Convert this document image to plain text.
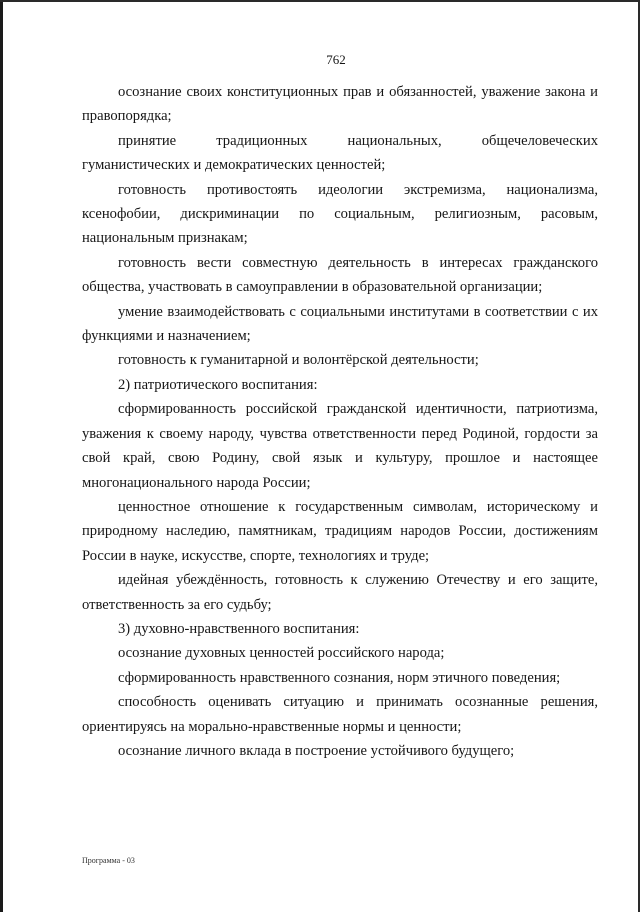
762

осознание своих конституционных прав и обязанностей, уважение закона и правопорядка;

принятие традиционных национальных, общечеловеческих гуманистических и демократических ценностей;

готовность противостоять идеологии экстремизма, национализма, ксенофобии, дискриминации по социальным, религиозным, расовым, национальным признакам;

готовность вести совместную деятельность в интересах гражданского общества, участвовать в самоуправлении в образовательной организации;

умение взаимодействовать с социальными институтами в соответствии с их функциями и назначением;

готовность к гуманитарной и волонтёрской деятельности;

2) патриотического воспитания:

сформированность российской гражданской идентичности, патриотизма, уважения к своему народу, чувства ответственности перед Родиной, гордости за свой край, свою Родину, свой язык и культуру, прошлое и настоящее многонационального народа России;

ценностное отношение к государственным символам, историческому и природному наследию, памятникам, традициям народов России, достижениям России в науке, искусстве, спорте, технологиях и труде;

идейная убеждённость, готовность к служению Отечеству и его защите, ответственность за его судьбу;

3) духовно-нравственного воспитания:

осознание духовных ценностей российского народа;

сформированность нравственного сознания, норм этичного поведения;

способность оценивать ситуацию и принимать осознанные решения, ориентируясь на морально-нравственные нормы и ценности;

осознание личного вклада в построение устойчивого будущего;

Программа - 03
